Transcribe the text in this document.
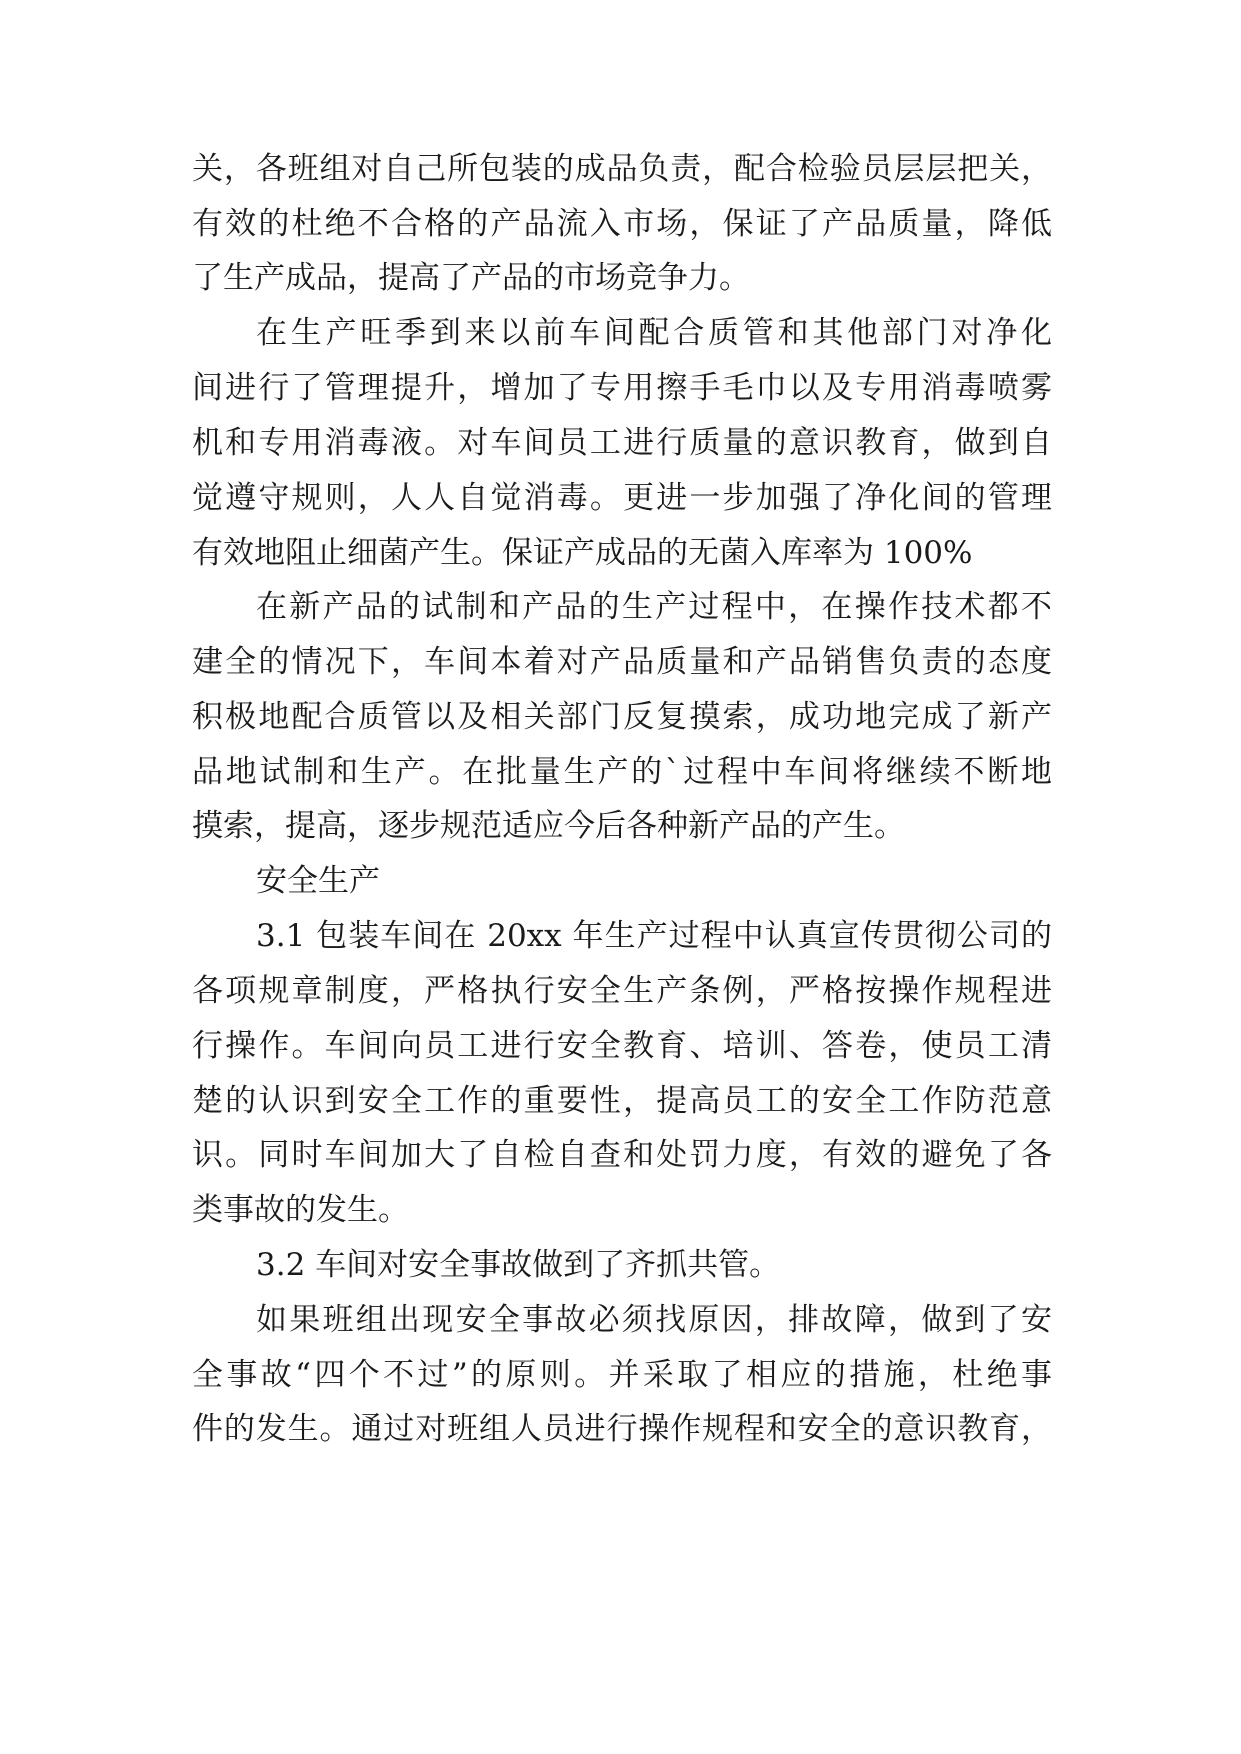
关，各班组对自己所包装的成品负责，配合检验员层层把关，
有效的杜绝不合格的产品流入市场，保证了产品质量，降低
了生产成品，提高了产品的市场竞争力。
在生产旺季到来以前车间配合质管和其他部门对净化
间进行了管理提升，增加了专用擦手毛巾以及专用消毒喷雾
机和专用消毒液。对车间员工进行质量的意识教育，做到自
觉遵守规则，人人自觉消毒。更进一步加强了净化间的管理
有效地阻止细菌产生。保证产成品的无菌入库率为 100%
在新产品的试制和产品的生产过程中，在操作技术都不
建全的情况下，车间本着对产品质量和产品销售负责的态度
积极地配合质管以及相关部门反复摸索，成功地完成了新产
品地试制和生产。在批量生产的`过程中车间将继续不断地
摸索，提高，逐步规范适应今后各种新产品的产生。
安全生产
3.1 包装车间在 20xx 年生产过程中认真宣传贯彻公司的
各项规章制度，严格执行安全生产条例，严格按操作规程进
行操作。车间向员工进行安全教育、培训、答卷，使员工清
楚的认识到安全工作的重要性，提高员工的安全工作防范意
识。同时车间加大了自检自查和处罚力度，有效的避免了各
类事故的发生。
3.2 车间对安全事故做到了齐抓共管。
如果班组出现安全事故必须找原因，排故障，做到了安
全事故“四个不过”的原则。并采取了相应的措施，杜绝事
件的发生。通过对班组人员进行操作规程和安全的意识教育，
